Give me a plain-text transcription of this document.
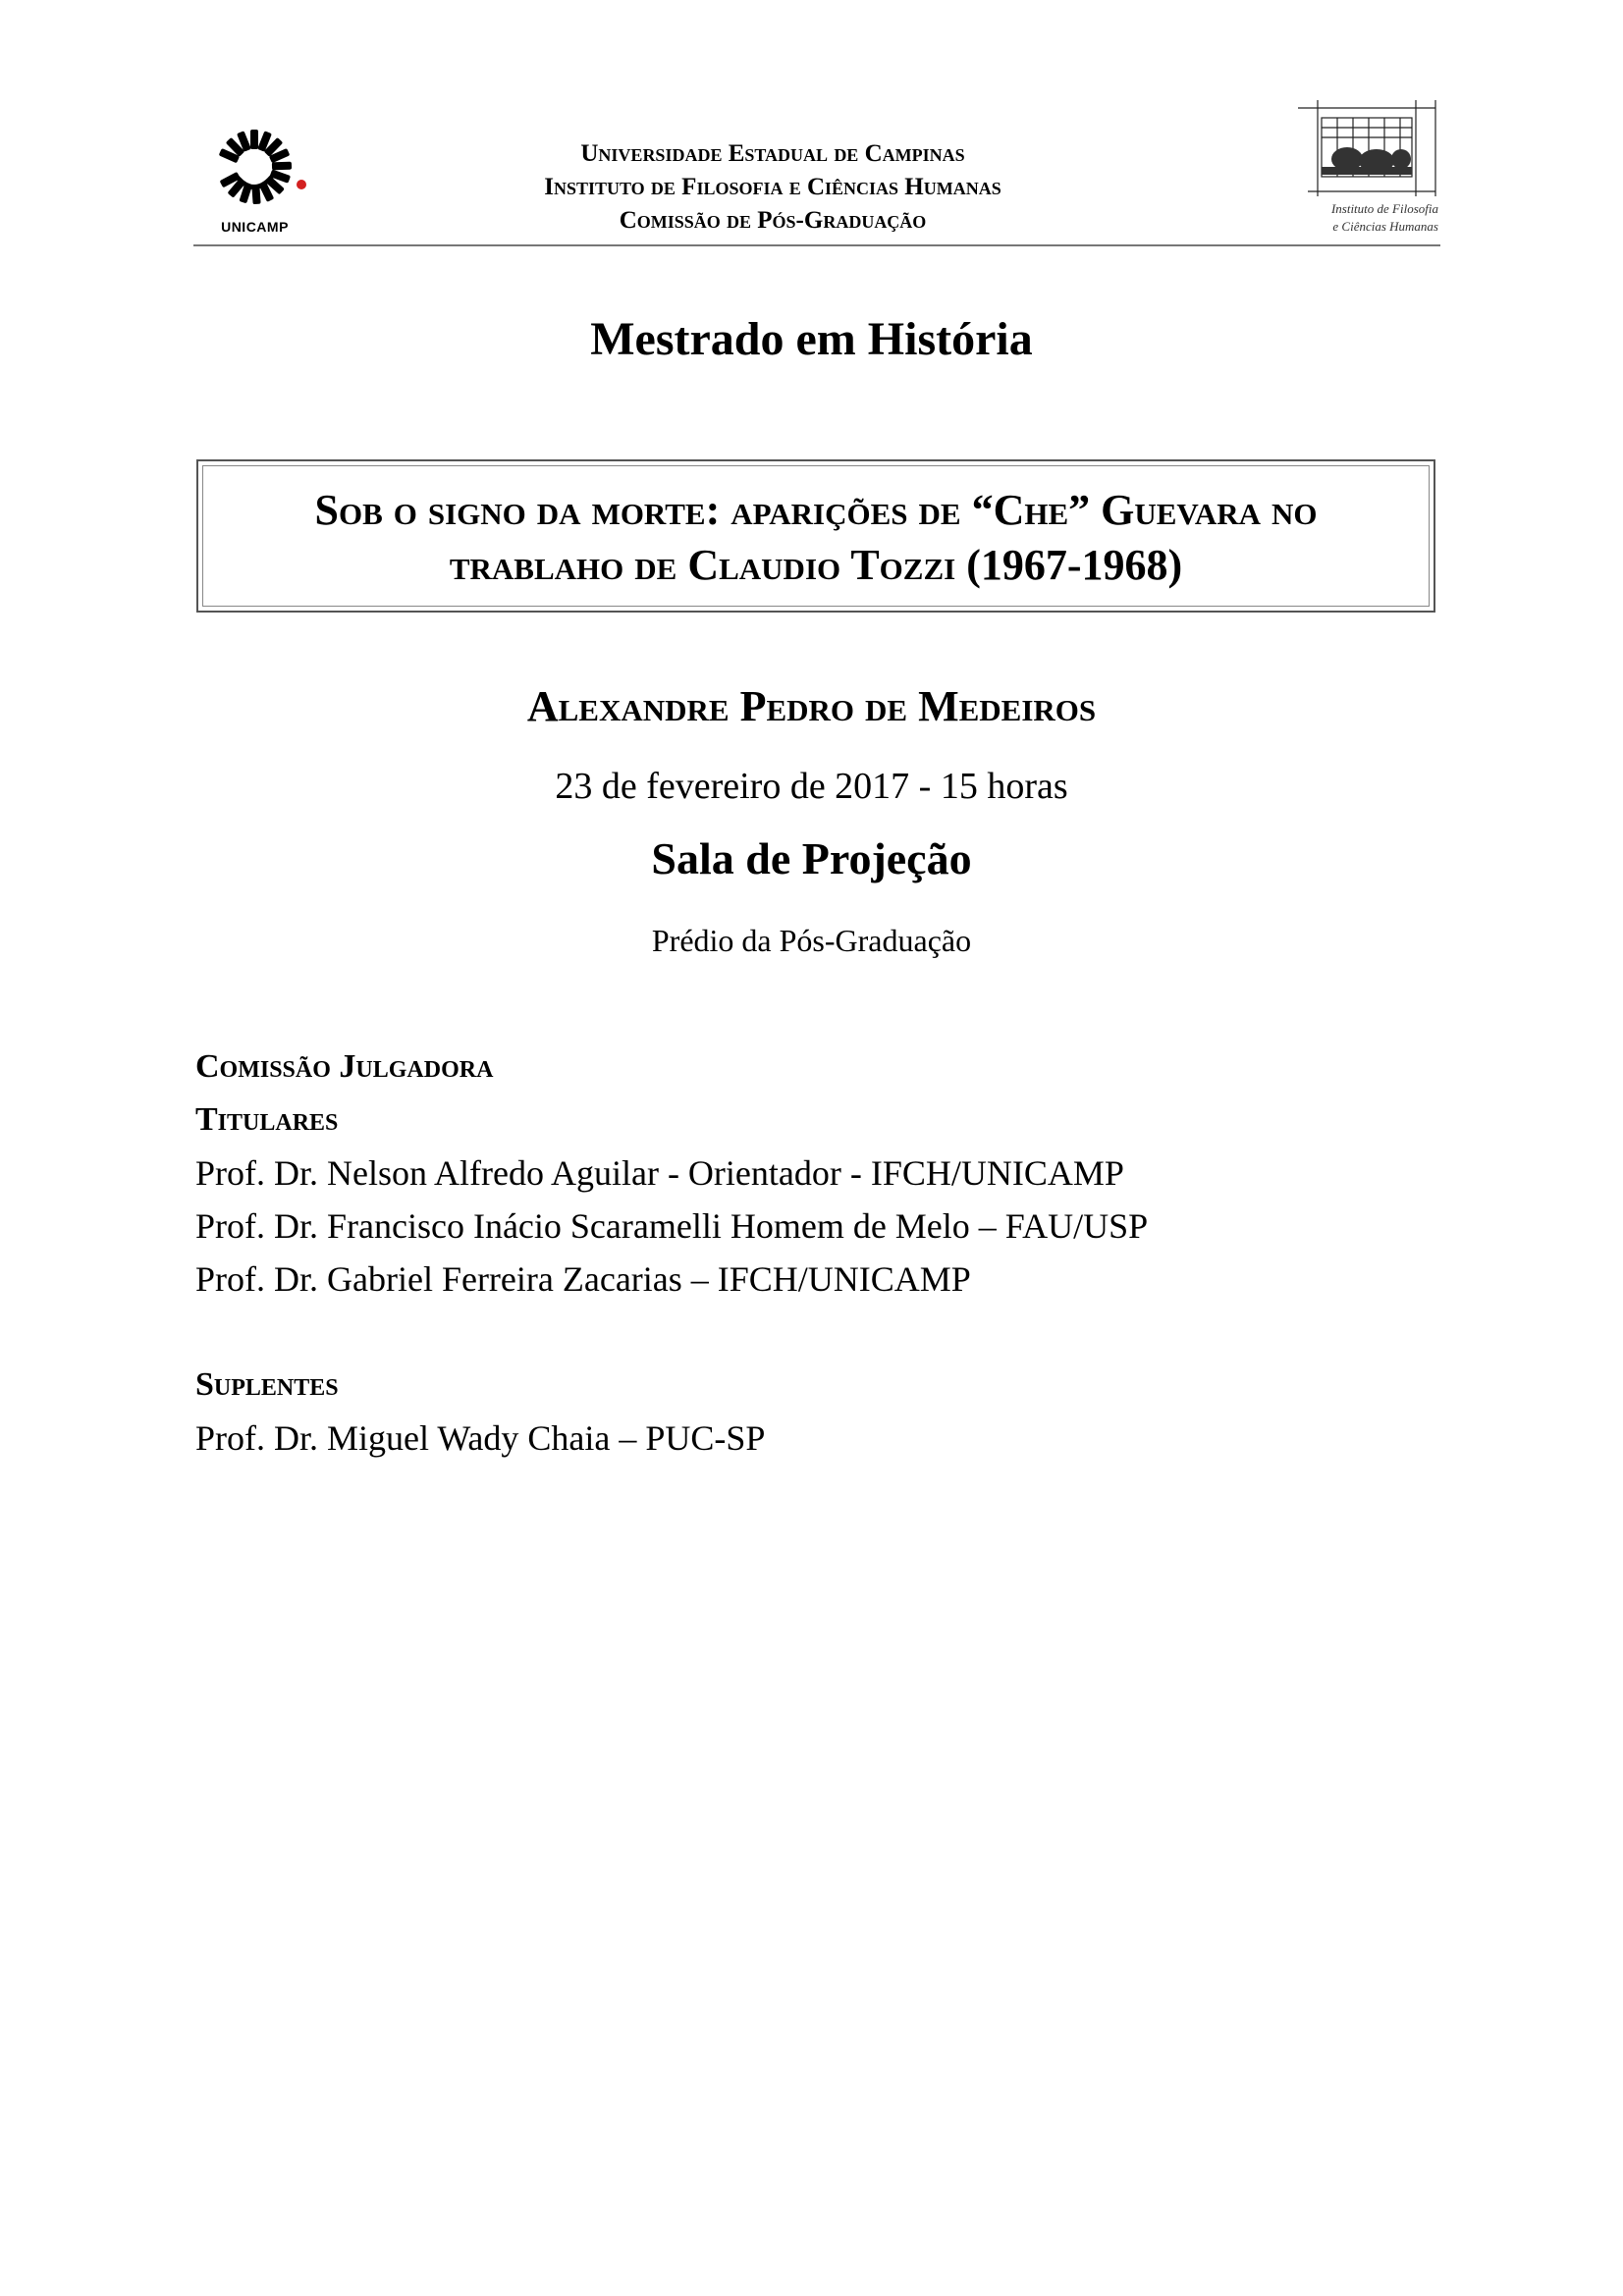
UNICAMP
Universidade Estadual de Campinas
Instituto de Filosofia e Ciências Humanas
Comissão de Pós-Graduação	Instituto de Filosofia
e Ciências Humanas
Mestrado em História
Sob o signo da morte: aparições de “Che” Guevara no
trablaho de Claudio Tozzi (1967-1968)
Alexandre Pedro de Medeiros
23 de fevereiro de 2017 - 15 horas
Sala de Projeção
Prédio da Pós-Graduação
Comissão Julgadora
Titulares
Prof. Dr. Nelson Alfredo Aguilar - Orientador - IFCH/UNICAMP
Prof. Dr. Francisco Inácio Scaramelli Homem de Melo – FAU/USP
Prof. Dr. Gabriel Ferreira Zacarias – IFCH/UNICAMP
Suplentes
Prof. Dr. Miguel Wady Chaia – PUC-SP
